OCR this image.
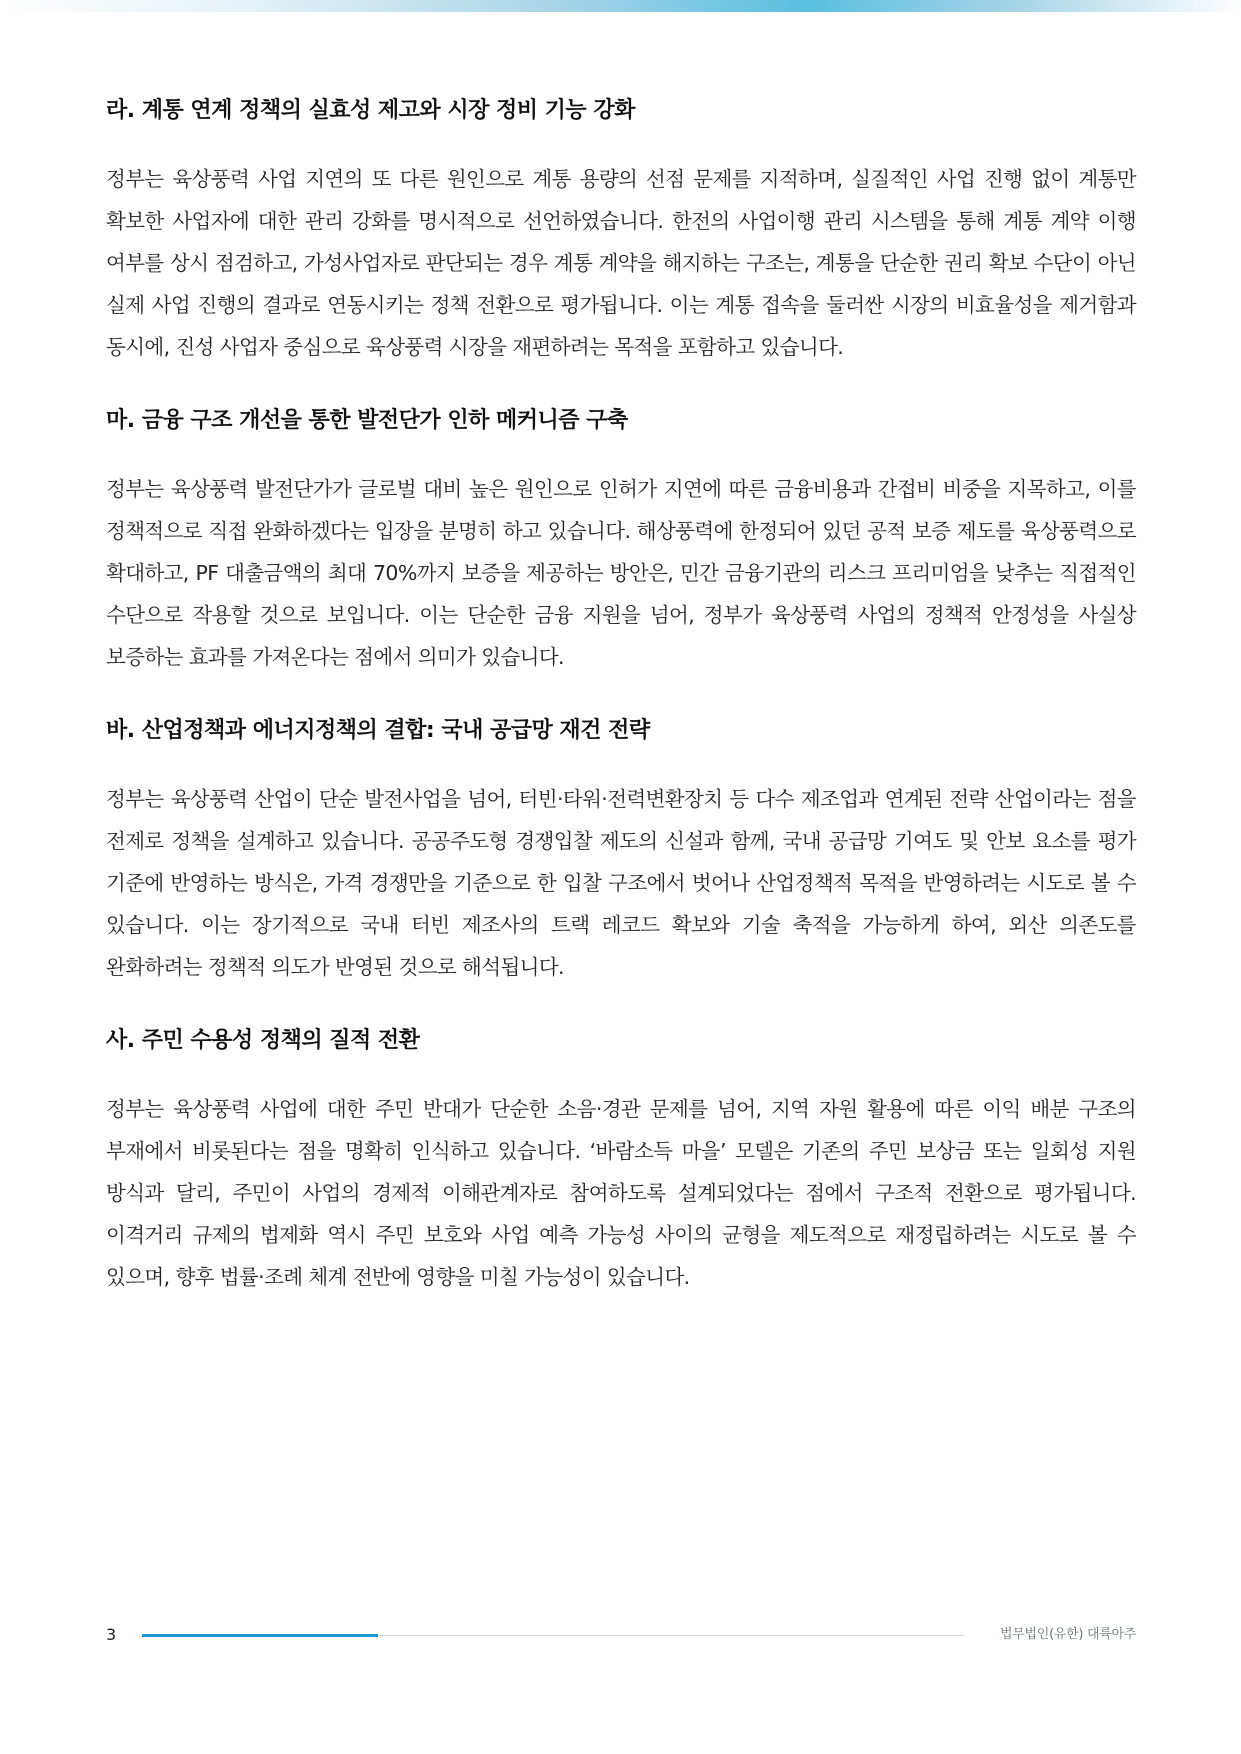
라. 계통 연계 정책의 실효성 제고와 시장 정비 기능 강화

정부는 육상풍력 사업 지연의 또 다른 원인으로 계통 용량의 선점 문제를 지적하며, 실질적인 사업 진행 없이 계통만 확보한 사업자에 대한 관리 강화를 명시적으로 선언하였습니다. 한전의 사업이행 관리 시스템을 통해 계통 계약 이행 여부를 상시 점검하고, 가성사업자로 판단되는 경우 계통 계약을 해지하는 구조는, 계통을 단순한 권리 확보 수단이 아닌 실제 사업 진행의 결과로 연동시키는 정책 전환으로 평가됩니다. 이는 계통 접속을 둘러싼 시장의 비효율성을 제거함과 동시에, 진성 사업자 중심으로 육상풍력 시장을 재편하려는 목적을 포함하고 있습니다.

마. 금융 구조 개선을 통한 발전단가 인하 메커니즘 구축

정부는 육상풍력 발전단가가 글로벌 대비 높은 원인으로 인허가 지연에 따른 금융비용과 간접비 비중을 지목하고, 이를 정책적으로 직접 완화하겠다는 입장을 분명히 하고 있습니다. 해상풍력에 한정되어 있던 공적 보증 제도를 육상풍력으로 확대하고, PF 대출금액의 최대 70%까지 보증을 제공하는 방안은, 민간 금융기관의 리스크 프리미엄을 낮추는 직접적인 수단으로 작용할 것으로 보입니다. 이는 단순한 금융 지원을 넘어, 정부가 육상풍력 사업의 정책적 안정성을 사실상 보증하는 효과를 가져온다는 점에서 의미가 있습니다.

바. 산업정책과 에너지정책의 결합: 국내 공급망 재건 전략

정부는 육상풍력 산업이 단순 발전사업을 넘어, 터빈·타워·전력변환장치 등 다수 제조업과 연계된 전략 산업이라는 점을 전제로 정책을 설계하고 있습니다. 공공주도형 경쟁입찰 제도의 신설과 함께, 국내 공급망 기여도 및 안보 요소를 평가 기준에 반영하는 방식은, 가격 경쟁만을 기준으로 한 입찰 구조에서 벗어나 산업정책적 목적을 반영하려는 시도로 볼 수 있습니다. 이는 장기적으로 국내 터빈 제조사의 트랙 레코드 확보와 기술 축적을 가능하게 하여, 외산 의존도를 완화하려는 정책적 의도가 반영된 것으로 해석됩니다.

사. 주민 수용성 정책의 질적 전환

정부는 육상풍력 사업에 대한 주민 반대가 단순한 소음·경관 문제를 넘어, 지역 자원 활용에 따른 이익 배분 구조의 부재에서 비롯된다는 점을 명확히 인식하고 있습니다. ‘바람소득 마을’ 모델은 기존의 주민 보상금 또는 일회성 지원 방식과 달리, 주민이 사업의 경제적 이해관계자로 참여하도록 설계되었다는 점에서 구조적 전환으로 평가됩니다. 이격거리 규제의 법제화 역시 주민 보호와 사업 예측 가능성 사이의 균형을 제도적으로 재정립하려는 시도로 볼 수 있으며, 향후 법률·조례 체계 전반에 영향을 미칠 가능성이 있습니다.

3	법무법인(유한) 대륙아주
